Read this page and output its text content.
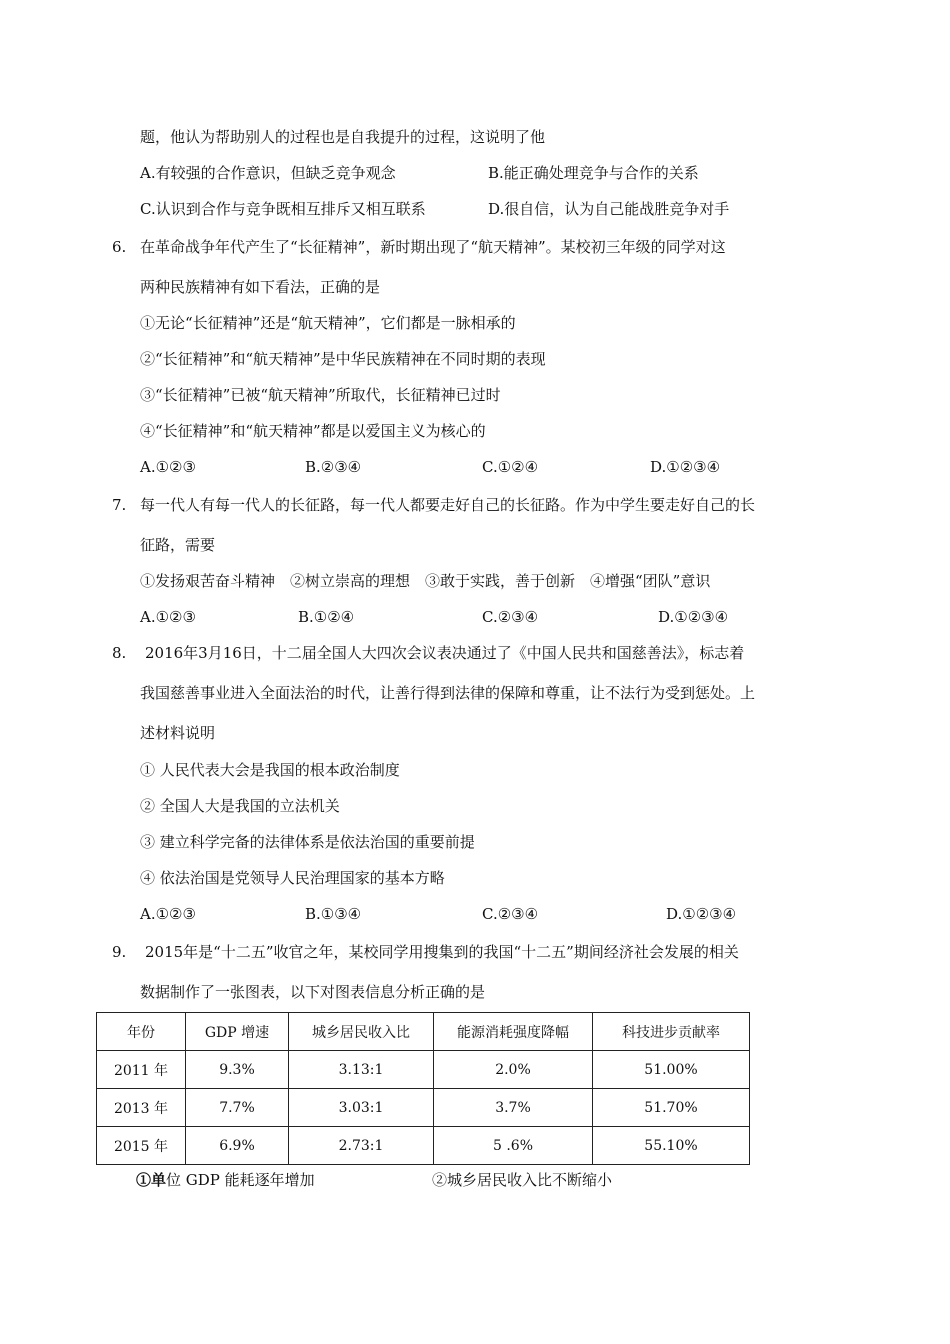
题，他认为帮助别人的过程也是自我提升的过程，这说明了他
A.有较强的合作意识，但缺乏竞争观念	B.能正确处理竞争与合作的关系
C.认识到合作与竞争既相互排斥又相互联系	D.很自信，认为自己能战胜竞争对手
6. 在革命战争年代产生了“长征精神”，新时期出现了“航天精神”。某校初三年级的同学对这
两种民族精神有如下看法，正确的是
①无论“长征精神”还是“航天精神”，它们都是一脉相承的
②“长征精神”和“航天精神”是中华民族精神在不同时期的表现
③“长征精神”已被“航天精神”所取代，长征精神已过时
④“长征精神”和“航天精神”都是以爱国主义为核心的
A.①②③	B.②③④	C.①②④	D.①②③④
7. 每一代人有每一代人的长征路，每一代人都要走好自己的长征路。作为中学生要走好自己的长
征路，需要
①发扬艰苦奋斗精神　②树立崇高的理想　③敢于实践，善于创新　④增强“团队”意识
A.①②③	B.①②④	C.②③④	D.①②③④
8. 2016年3月16日，十二届全国人大四次会议表决通过了《中国人民共和国慈善法》，标志着
我国慈善事业进入全面法治的时代，让善行得到法律的保障和尊重，让不法行为受到惩处。上
述材料说明
① 人民代表大会是我国的根本政治制度
② 全国人大是我国的立法机关
③ 建立科学完备的法律体系是依法治国的重要前提
④ 依法治国是党领导人民治理国家的基本方略
A.①②③	B.①③④	C.②③④	D.①②③④
9. 2015年是“十二五”收官之年，某校同学用搜集到的我国“十二五”期间经济社会发展的相关
数据制作了一张图表，以下对图表信息分析正确的是
年份	GDP 增速	城乡居民收入比	能源消耗强度降幅	科技进步贡献率
2011 年	9.3%	3.13:1	2.0%	51.00%
2013 年	7.7%	3.03:1	3.7%	51.70%
2015 年	6.9%	2.73:1	5 .6%	55.10%
①单位 GDP 能耗逐年增加	②城乡居民收入比不断缩小
